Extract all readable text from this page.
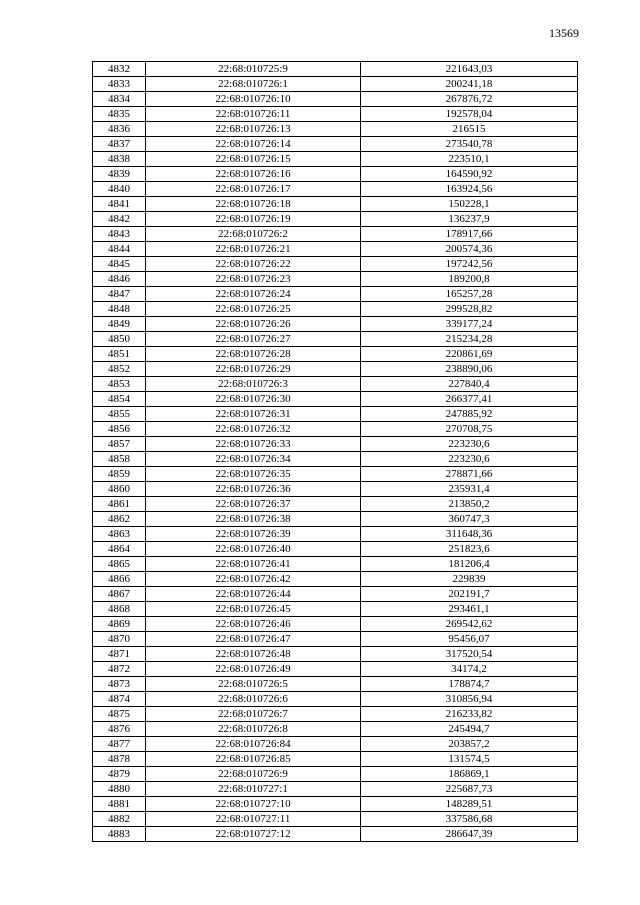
13569
4832	22:68:010725:9	221643,03
4833	22:68:010726:1	200241,18
4834	22:68:010726:10	267876,72
4835	22:68:010726:11	192578,04
4836	22:68:010726:13	216515
4837	22:68:010726:14	273540,78
4838	22:68:010726:15	223510,1
4839	22:68:010726:16	164590,92
4840	22:68:010726:17	163924,56
4841	22:68:010726:18	150228,1
4842	22:68:010726:19	136237,9
4843	22:68:010726:2	178917,66
4844	22:68:010726:21	200574,36
4845	22:68:010726:22	197242,56
4846	22:68:010726:23	189200,8
4847	22:68:010726:24	165257,28
4848	22:68:010726:25	299528,82
4849	22:68:010726:26	339177,24
4850	22:68:010726:27	215234,28
4851	22:68:010726:28	220861,69
4852	22:68:010726:29	238890,06
4853	22:68:010726:3	227840,4
4854	22:68:010726:30	266377,41
4855	22:68:010726:31	247885,92
4856	22:68:010726:32	270708,75
4857	22:68:010726:33	223230,6
4858	22:68:010726:34	223230,6
4859	22:68:010726:35	278871,66
4860	22:68:010726:36	235931,4
4861	22:68:010726:37	213850,2
4862	22:68:010726:38	360747,3
4863	22:68:010726:39	311648,36
4864	22:68:010726:40	251823,6
4865	22:68:010726:41	181206,4
4866	22:68:010726:42	229839
4867	22:68:010726:44	202191,7
4868	22:68:010726:45	293461,1
4869	22:68:010726:46	269542,62
4870	22:68:010726:47	95456,07
4871	22:68:010726:48	317520,54
4872	22:68:010726:49	34174,2
4873	22:68:010726:5	178874,7
4874	22:68:010726:6	310856,94
4875	22:68:010726:7	216233,82
4876	22:68:010726:8	245494,7
4877	22:68:010726:84	203857,2
4878	22:68:010726:85	131574,5
4879	22:68:010726:9	186869,1
4880	22:68:010727:1	225687,73
4881	22:68:010727:10	148289,51
4882	22:68:010727:11	337586,68
4883	22:68:010727:12	286647,39
